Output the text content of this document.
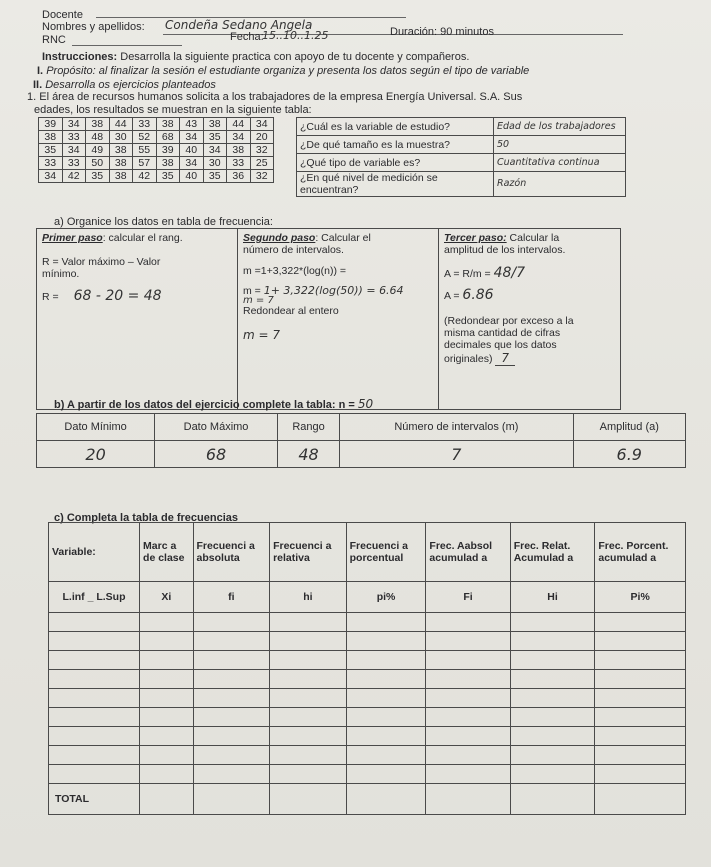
Docente
Nombres y apellidos: Condeña Sedano Angela
RNC	Fecha:
15..10..1.25	Duración: 90 minutos
Instrucciones: Desarrolla la siguiente practica con apoyo de tu docente y compañeros.
I. Propósito: al finalizar la sesión el estudiante organiza y presenta los datos según el tipo de variable
II. Desarrolla os ejercicios planteados
1. El área de recursos humanos solicita a los trabajadores de la empresa Energía Universal. S.A. Sus
edades, los resultados se muestran en la siguiente tabla:
39	34	38	44	33	38	43	38	44	34
38	33	48	30	52	68	34	35	34	20
35	34	49	38	55	39	40	34	38	32
33	33	50	38	57	38	34	30	33	25
34	42	35	38	42	35	40	35	36	32
¿Cuál es la variable de estudio?	Edad de los trabajadores
¿De qué tamaño es la muestra?	50
¿Qué tipo de variable es?	Cuantitativa continua
¿En qué nivel de medición se encuentran?	Razón
a) Organice los datos en tabla de frecuencia:
Primer paso: calcular el rang.
R = Valor máximo – Valor
mínimo.
R = 68 - 20 = 48

Segundo paso: Calcular el
número de intervalos.
m =1+3,322*(log(n)) =
m = 1+ 3,322(log(50)) = 6.64
m = 7
Redondear al entero
m = 7

Tercer paso: Calcular la
amplitud de los intervalos.
A = R/m = 48/7
A = 6.86
(Redondear por exceso a la
misma cantidad de cifras
decimales que los datos
originales) 7
b) A partir de los datos del ejercicio complete la tabla: n = 50
Dato Mínimo	Dato Máximo	Rango	Número de intervalos (m)	Amplitud (a)
20	68	48	7	6.9
c) Completa la tabla de frecuencias
Variable:	Marc a de clase	Frecuenci a absoluta	Frecuenci a relativa	Frecuenci a porcentual	Frec. Aabsol acumulad a	Frec. Relat. Acumulad a	Frec. Porcent. acumulad a
L.inf _ L.Sup	Xi	fi	hi	pi%	Fi	Hi	Pi%

TOTAL							
